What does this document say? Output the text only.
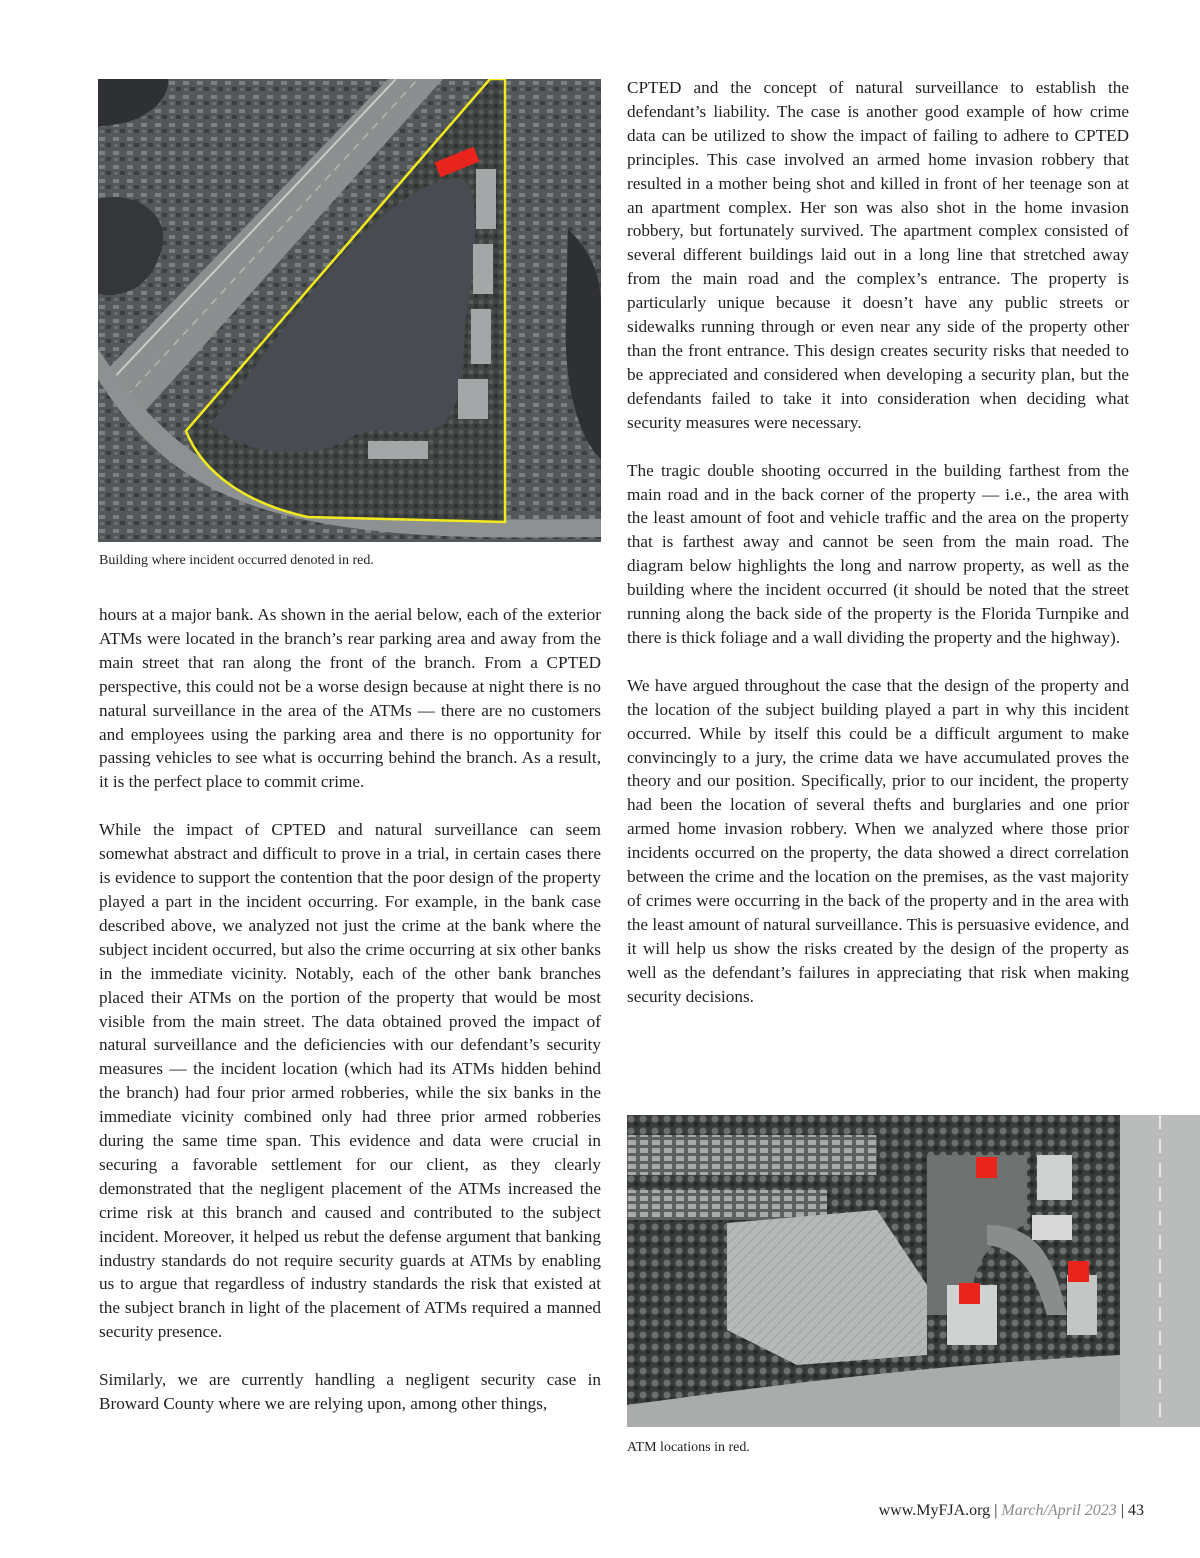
Building where incident occurred denoted in red.

hours at a major bank. As shown in the aerial below, each of the exterior ATMs were located in the branch’s rear parking area and away from the main street that ran along the front of the branch. From a CPTED perspective, this could not be a worse design because at night there is no natural surveillance in the area of the ATMs — there are no customers and employees using the parking area and there is no opportunity for passing vehicles to see what is occurring behind the branch. As a result, it is the perfect place to commit crime.

While the impact of CPTED and natural surveillance can seem somewhat abstract and difficult to prove in a trial, in certain cases there is evidence to support the contention that the poor design of the property played a part in the incident occurring. For example, in the bank case described above, we analyzed not just the crime at the bank where the subject incident occurred, but also the crime occurring at six other banks in the immediate vicinity. Notably, each of the other bank branches placed their ATMs on the portion of the property that would be most visible from the main street. The data obtained proved the impact of natural surveillance and the deficiencies with our defendant’s security measures — the incident location (which had its ATMs hidden behind the branch) had four prior armed robberies, while the six banks in the immediate vicinity combined only had three prior armed robberies during the same time span. This evidence and data were crucial in securing a favorable settlement for our client, as they clearly demonstrated that the negligent placement of the ATMs increased the crime risk at this branch and caused and contributed to the subject incident. Moreover, it helped us rebut the defense argument that banking industry standards do not require security guards at ATMs by enabling us to argue that regardless of industry standards the risk that existed at the subject branch in light of the placement of ATMs required a manned security presence.

Similarly, we are currently handling a negligent security case in Broward County where we are relying upon, among other things,

CPTED and the concept of natural surveillance to establish the defendant’s liability. The case is another good example of how crime data can be utilized to show the impact of failing to adhere to CPTED principles. This case involved an armed home invasion robbery that resulted in a mother being shot and killed in front of her teenage son at an apartment complex. Her son was also shot in the home invasion robbery, but fortunately survived. The apartment complex consisted of several different buildings laid out in a long line that stretched away from the main road and the complex’s entrance. The property is particularly unique because it doesn’t have any public streets or sidewalks running through or even near any side of the property other than the front entrance. This design creates security risks that needed to be appreciated and considered when developing a security plan, but the defendants failed to take it into consideration when deciding what security measures were necessary.

The tragic double shooting occurred in the building farthest from the main road and in the back corner of the property — i.e., the area with the least amount of foot and vehicle traffic and the area on the property that is farthest away and cannot be seen from the main road. The diagram below highlights the long and narrow property, as well as the building where the incident occurred (it should be noted that the street running along the back side of the property is the Florida Turnpike and there is thick foliage and a wall dividing the property and the highway).

We have argued throughout the case that the design of the property and the location of the subject building played a part in why this incident occurred. While by itself this could be a difficult argument to make convincingly to a jury, the crime data we have accumulated proves the theory and our position. Specifically, prior to our incident, the property had been the location of several thefts and burglaries and one prior armed home invasion robbery. When we analyzed where those prior incidents occurred on the property, the data showed a direct correlation between the crime and the location on the premises, as the vast majority of crimes were occurring in the back of the property and in the area with the least amount of natural surveillance. This is persuasive evidence, and it will help us show the risks created by the design of the property as well as the defendant’s failures in appreciating that risk when making security decisions.

ATM locations in red.

www.MyFJA.org | March/April 2023 | 43
